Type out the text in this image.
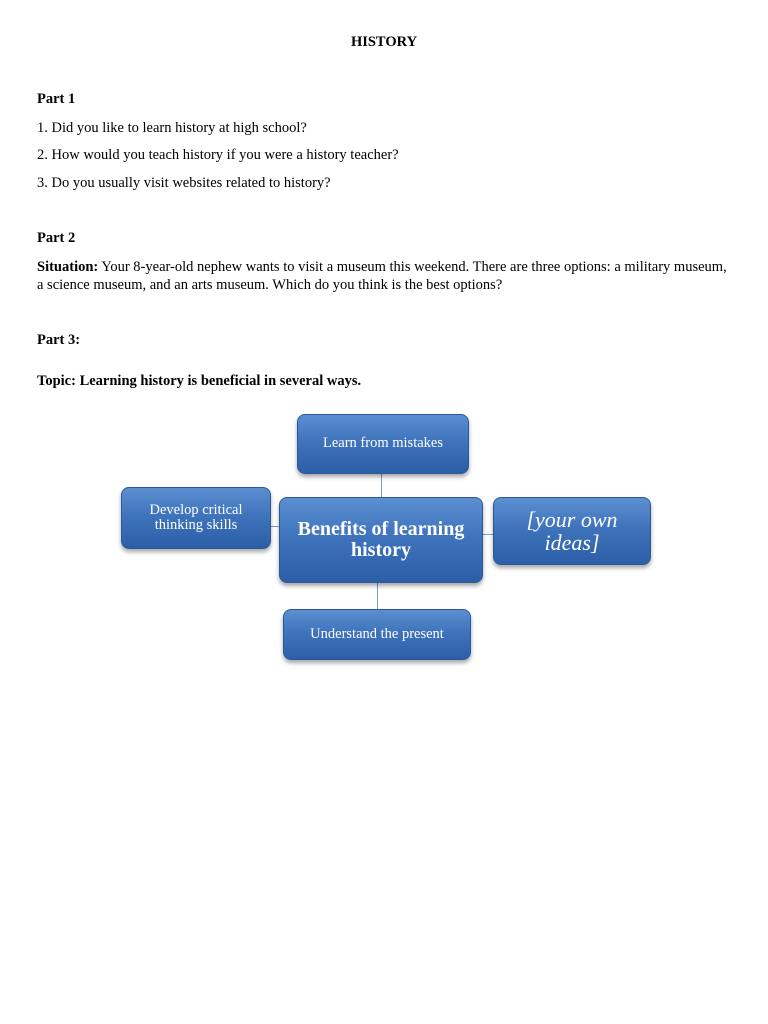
HISTORY
Part 1
1. Did you like to learn history at high school?
2. How would you teach history if you were a history teacher?
3. Do you usually visit websites related to history?
Part 2
Situation: Your 8-year-old nephew wants to visit a museum this weekend. There are three options: a military museum, a science museum, and an arts museum. Which do you think is the best options?
Part 3:
Topic: Learning history is beneficial in several ways.
Learn from mistakes
Develop critical thinking skills	Benefits of learning history
[your own ideas]
Understand the present
